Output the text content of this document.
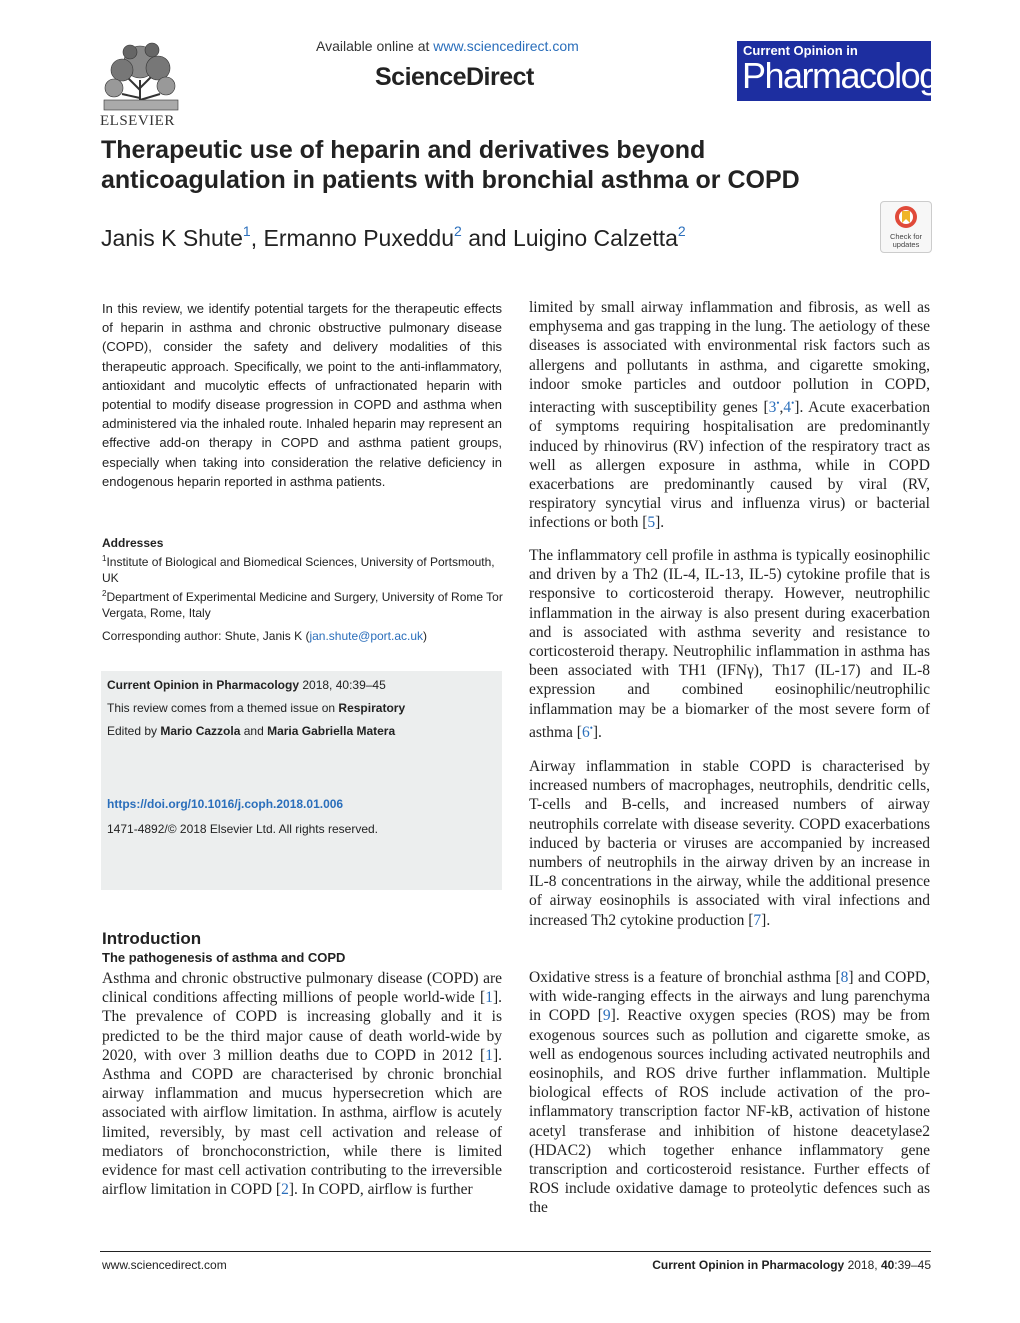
ELSEVIER
Available online at www.sciencedirect.com
ScienceDirect
Current Opinion in
Pharmacology
Therapeutic use of heparin and derivatives beyond anticoagulation in patients with bronchial asthma or COPD
Janis K Shute$^1$, Ermanno Puxeddu$^2$ and Luigino Calzetta$^2$	Check for updates
In this review, we identify potential targets for the therapeutic effects of heparin in asthma and chronic obstructive pulmonary disease (COPD), consider the safety and delivery modalities of this therapeutic approach. Specifically, we point to the anti-inflammatory, antioxidant and mucolytic effects of unfractionated heparin with potential to modify disease progression in COPD and asthma when administered via the inhaled route. Inhaled heparin may represent an effective add-on therapy in COPD and asthma patient groups, especially when taking into consideration the relative deficiency in endogenous heparin reported in asthma patients.
Addresses
$^1$Institute of Biological and Biomedical Sciences, University of Portsmouth, UK
$^2$Department of Experimental Medicine and Surgery, University of Rome Tor Vergata, Rome, Italy
Corresponding author: Shute, Janis K (jan.shute@port.ac.uk)
Current Opinion in Pharmacology 2018, 40:39–45
This review comes from a themed issue on Respiratory
Edited by Mario Cazzola and Maria Gabriella Matera
https://doi.org/10.1016/j.coph.2018.01.006
1471-4892/© 2018 Elsevier Ltd. All rights reserved.
Introduction
The pathogenesis of asthma and COPD
Asthma and chronic obstructive pulmonary disease (COPD) are clinical conditions affecting millions of people world-wide [1]. The prevalence of COPD is increasing globally and it is predicted to be the third major cause of death world-wide by 2020, with over 3 million deaths due to COPD in 2012 [1]. Asthma and COPD are characterised by chronic bronchial airway inflammation and mucus hypersecretion which are associated with airflow limitation. In asthma, airflow is acutely limited, reversibly, by mast cell activation and release of mediators of bronchoconstriction, while there is limited evidence for mast cell activation contributing to the irreversible airflow limitation in COPD [2]. In COPD, airflow is further

limited by small airway inflammation and fibrosis, as well as emphysema and gas trapping in the lung. The aetiology of these diseases is associated with environmental risk factors such as allergens and pollutants in asthma, and cigarette smoking, indoor smoke particles and outdoor pollution in COPD, interacting with susceptibility genes [3•,4•]. Acute exacerbation of symptoms requiring hospitalisation are predominantly induced by rhinovirus (RV) infection of the respiratory tract as well as allergen exposure in asthma, while in COPD exacerbations are predominantly caused by viral (RV, respiratory syncytial virus and influenza virus) or bacterial infections or both [5].

The inflammatory cell profile in asthma is typically eosinophilic and driven by a Th2 (IL-4, IL-13, IL-5) cytokine profile that is responsive to corticosteroid therapy. However, neutrophilic inflammation in the airway is also present during exacerbation and is associated with asthma severity and resistance to corticosteroid therapy. Neutrophilic inflammation in asthma has been associated with TH1 (IFNγ), Th17 (IL-17) and IL-8 expression and combined eosinophilic/neutrophilic inflammation may be a biomarker of the most severe form of asthma [6•].

Airway inflammation in stable COPD is characterised by increased numbers of macrophages, neutrophils, dendritic cells, T-cells and B-cells, and increased numbers of airway neutrophils correlate with disease severity. COPD exacerbations induced by bacteria or viruses are accompanied by increased numbers of neutrophils in the airway driven by an increase in IL-8 concentrations in the airway, while the additional presence of airway eosinophils is associated with viral infections and increased Th2 cytokine production [7].

Oxidative stress is a feature of bronchial asthma [8] and COPD, with wide-ranging effects in the airways and lung parenchyma in COPD [9]. Reactive oxygen species (ROS) may be from exogenous sources such as pollution and cigarette smoke, as well as endogenous sources including activated neutrophils and eosinophils, and ROS drive further inflammation. Multiple biological effects of ROS include activation of the pro-inflammatory transcription factor NF-kB, activation of histone acetyl transferase and inhibition of histone deacetylase2 (HDAC2) which together enhance inflammatory gene transcription and corticosteroid resistance. Further effects of ROS include oxidative damage to proteolytic defences such as the

www.sciencedirect.com	Current Opinion in Pharmacology 2018, 40:39–45
